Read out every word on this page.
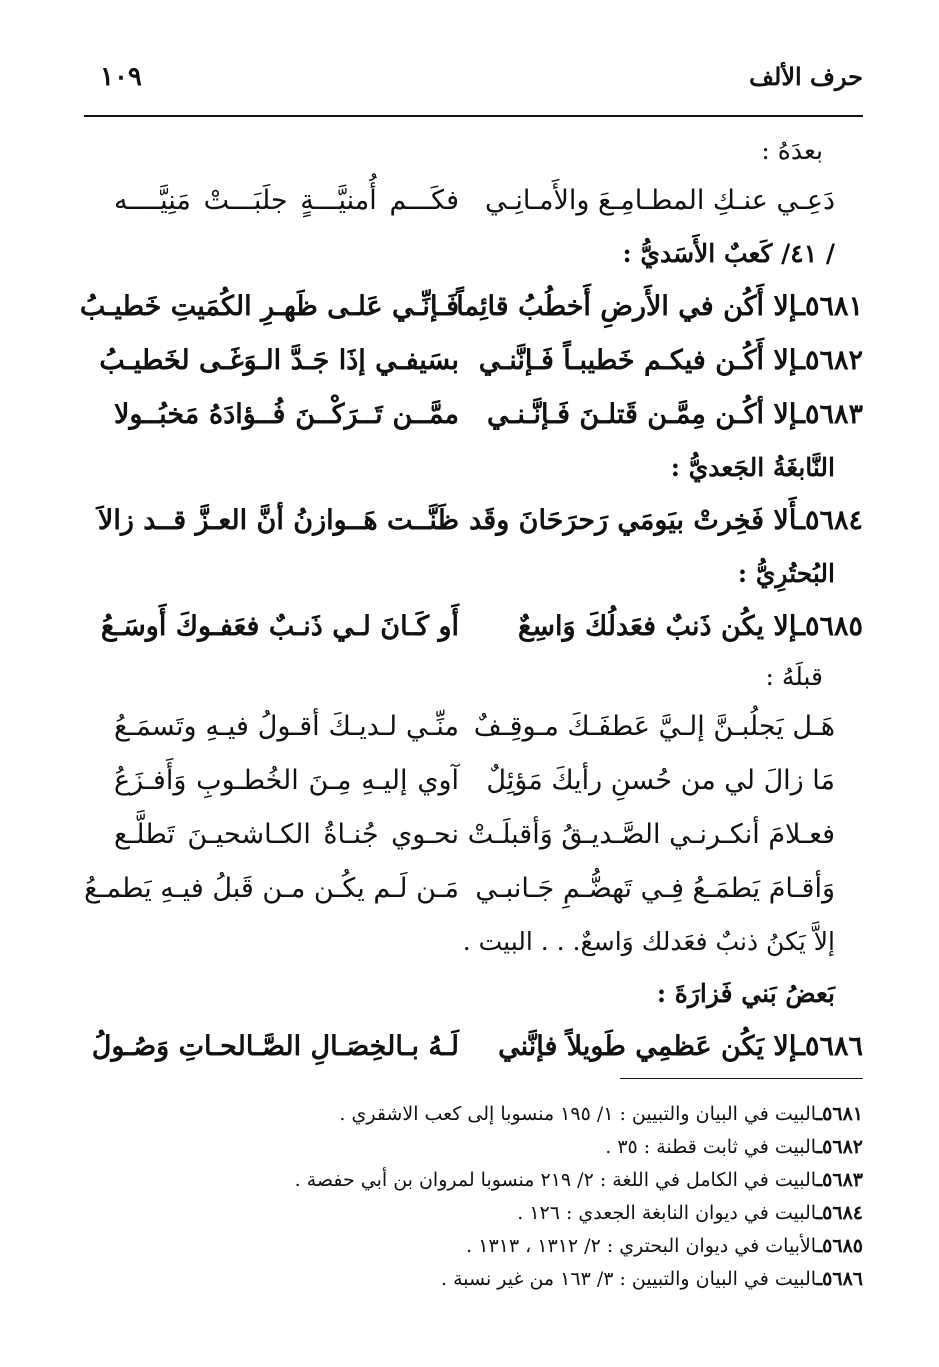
حرف الألف
١٠٩
بعدَهُ :
دَعِـي عنـكِ المطـامِـعَ والأَمـانِـي
فكَـــم أُمنيَّـــةٍ جلَبَـــتْ مَنِيَّــــه
/ ٤١/ كَعبٌ الأَسَديُّ :
٥٦٨١ـإلا أَكُن في الأَرضِ أَخطُبُ قائِماً
فَـإنِّـي عَلـى ظَهـرِ الكُمَيتِ خَطيـبُ
٥٦٨٢ـإلا أَكُـن فيكـم خَطيبـاً فَـإنَّنـي
بسَيفـي إذَا جَـدَّ الـوَغَـى لخَطيـبُ
٥٦٨٣ـإلا أكُـن مِمَّـن قَتلـنَ فَـإنَّـنـي
ممَّــن تَــرَكْــنَ فُــؤادَهُ مَخبُــولا
النَّابغَةُ الجَعديُّ :
٥٦٨٤ـأَلا فَخِرتْ بيَومَي رَحرَحَانَ وقَد
ظَنَّــت هَــوازنُ أنَّ العـزَّ قــد زالاَ
البُحتُرِيُّ :
٥٦٨٥ـإلا يكُن ذَنبٌ فعَدلُكَ وَاسِعٌ
أَو كَـانَ لـي ذَنـبٌ فعَفـوكَ أَوسَـعُ
قبلَهُ :
هَـل يَجلُبـنَّ إلـيَّ عَطفَـكَ مـوقِـفٌ
منِّـي لـديـكَ أقـولُ فيـهِ وتَسمَـعُ
مَا زالَ لي من حُسنِ رأيكَ مَؤئِلٌ
آوي إليـهِ مِـنَ الخُطـوبِ وَأَفـزَعُ
فعـلامَ أنكـرنـي الصَّـديـقُ وَأقبلَـتْ
نحـوي جُنـاةُ الكـاشحيـنَ تَطلَّـع
وَأقـامَ يَطمَـعُ فِـي تَهضُّـمِ جَـانبـي
مَـن لَـم يكُـن مـن قَبلُ فيـهِ يَطمـعُ
إلاَّ يَكنُ ذنبٌ فعَدلك وَاسعٌ. . . البيت .
بَعضُ بَني فَزارَةَ :
٥٦٨٦ـإلا يَكُن عَظمِي طَويلاً فإنَّني
لَـهُ بـالخِصَـالِ الصَّـالحـاتِ وَصُـولُ
٥٦٨١ـالبيت في البيان والتبيين : ١/ ١٩٥ منسوبا إلى كعب الاشقري .
٥٦٨٢ـالبيت في ثابت قطنة : ٣٥ .
٥٦٨٣ـالبيت في الكامل في اللغة : ٢/ ٢١٩ منسوبا لمروان بن أبي حفصة .
٥٦٨٤ـالبيت في ديوان النابغة الجعدي : ١٢٦ .
٥٦٨٥ـالأبيات في ديوان البحتري : ٢/ ١٣١٢ ، ١٣١٣ .
٥٦٨٦ـالبيت في البيان والتبيين : ٣/ ١٦٣ من غير نسبة .
